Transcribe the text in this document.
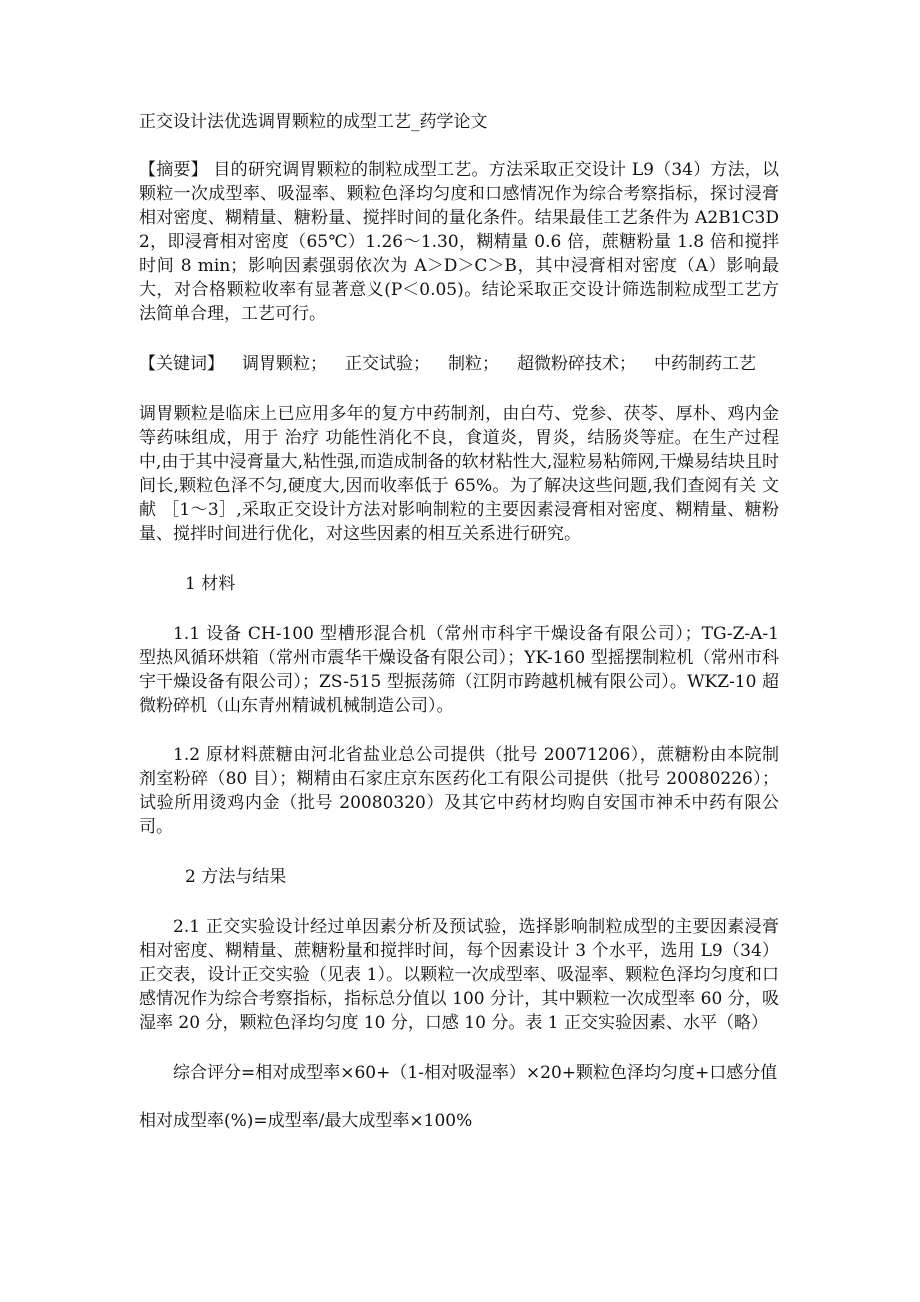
正交设计法优选调胃颗粒的成型工艺_药学论文

【摘要】 目的研究调胃颗粒的制粒成型工艺。方法采取正交设计 L9（34）方法，以颗粒一次成型率、吸湿率、颗粒色泽均匀度和口感情况作为综合考察指标，探讨浸膏相对密度、糊精量、糖粉量、搅拌时间的量化条件。结果最佳工艺条件为 A2B1C3D2，即浸膏相对密度（65℃）1.26～1.30，糊精量 0.6 倍，蔗糖粉量 1.8 倍和搅拌时间 8 min；影响因素强弱依次为 A＞D＞C＞B，其中浸膏相对密度（A）影响最大，对合格颗粒收率有显著意义(P＜0.05)。结论采取正交设计筛选制粒成型工艺方法简单合理，工艺可行。

【关键词】 调胃颗粒； 正交试验； 制粒； 超微粉碎技术； 中药制药工艺

调胃颗粒是临床上已应用多年的复方中药制剂，由白芍、党参、茯苓、厚朴、鸡内金等药味组成，用于 治疗 功能性消化不良，食道炎，胃炎，结肠炎等症。在生产过程中,由于其中浸膏量大,粘性强,而造成制备的软材粘性大,湿粒易粘筛网,干燥易结块且时间长,颗粒色泽不匀,硬度大,因而收率低于 65%。为了解决这些问题,我们查阅有关 文献 ［1～3］,采取正交设计方法对影响制粒的主要因素浸膏相对密度、糊精量、糖粉量、搅拌时间进行优化，对这些因素的相互关系进行研究。

1 材料

1.1 设备 CH-100 型槽形混合机（常州市科宇干燥设备有限公司）；TG-Z-A-1 型热风循环烘箱（常州市震华干燥设备有限公司）；YK-160 型摇摆制粒机（常州市科宇干燥设备有限公司）；ZS-515 型振荡筛（江阴市跨越机械有限公司）。WKZ-10 超微粉碎机（山东青州精诚机械制造公司）。

1.2 原材料蔗糖由河北省盐业总公司提供（批号 20071206），蔗糖粉由本院制剂室粉碎（80 目）；糊精由石家庄京东医药化工有限公司提供（批号 20080226）；试验所用烫鸡内金（批号 20080320）及其它中药材均购自安国市神禾中药有限公司。

2 方法与结果

2.1 正交实验设计经过单因素分析及预试验，选择影响制粒成型的主要因素浸膏相对密度、糊精量、蔗糖粉量和搅拌时间，每个因素设计 3 个水平，选用 L9（34）正交表，设计正交实验（见表 1）。以颗粒一次成型率、吸湿率、颗粒色泽均匀度和口感情况作为综合考察指标，指标总分值以 100 分计，其中颗粒一次成型率 60 分，吸湿率 20 分，颗粒色泽均匀度 10 分，口感 10 分。表 1 正交实验因素、水平（略）

综合评分=相对成型率×60+（1-相对吸湿率）×20+颗粒色泽均匀度+口感分值

相对成型率(%)=成型率/最大成型率×100%
